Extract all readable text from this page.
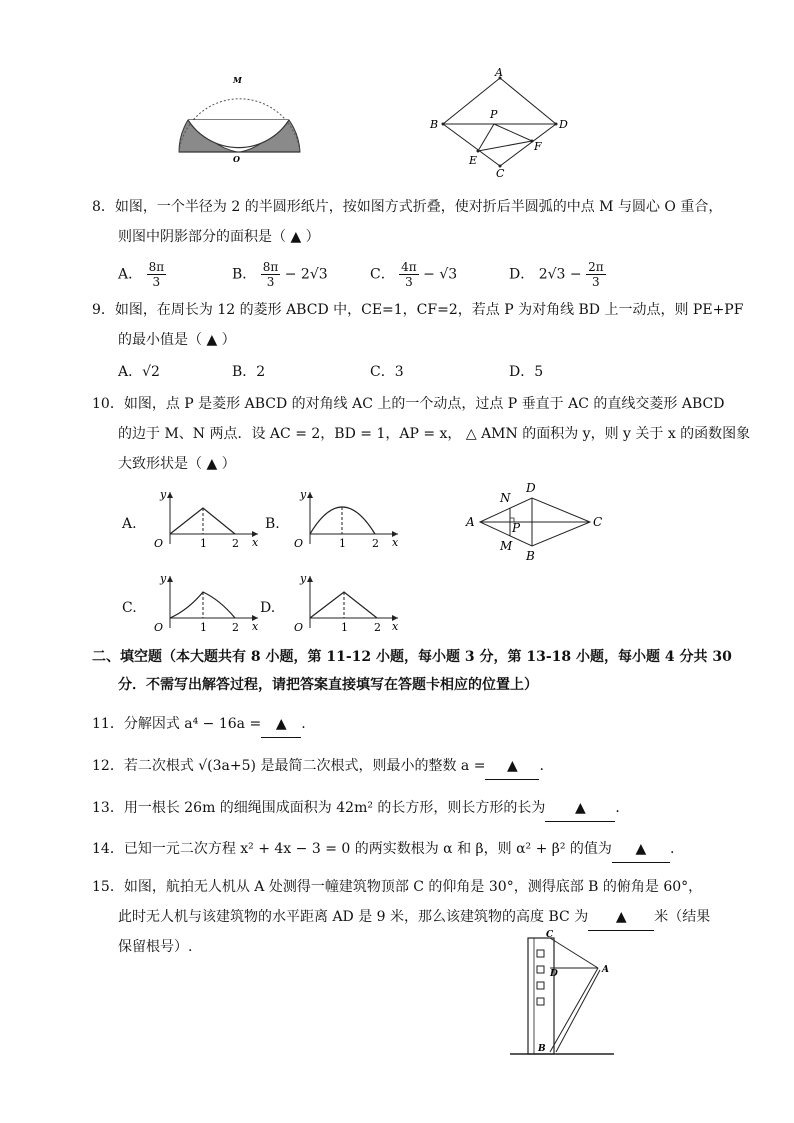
M
O
A
B
C
D
E
F
P
8．如图，一个半径为 2 的半圆形纸片，按如图方式折叠，使对折后半圆弧的中点 M 与圆心 O 重合，
则图中阴影部分的面积是（ ▲ ）
A． $\frac{8\pi}{3}$	B． $\frac{8\pi}{3} - 2√3$	C． $\frac{4\pi}{3} - √3$	D． $2√3 - \frac{2\pi}{3}$
9．如图，在周长为 12 的菱形 ABCD 中，CE=1，CF=2，若点 P 为对角线 BD 上一动点，则 PE+PF
的最小值是（ ▲ ）
A．√2	B．2	C．3	D．5
10．如图，点 P 是菱形 ABCD 的对角线 AC 上的一个动点，过点 P 垂直于 AC 的直线交菱形 ABCD
的边于 M、N 两点．设 AC = 2，BD = 1，AP = x， △ AMN 的面积为 y，则 y 关于 x 的函数图象
大致形状是（ ▲ ）
A.	B.
C.	D.
y
x
O	1 2
y
x
O	1 2
A	C
D
B
N
M
P
y
x
O	1 2
y
x
O	1 2
二、填空题（本大题共有 8 小题，第 11-12 小题，每小题 3 分，第 13-18 小题，每小题 4 分共 30
分．不需写出解答过程，请把答案直接填写在答题卡相应的位置上）
11．分解因式 a⁴ − 16a = ▲ .
12．若二次根式 √(3a+5) 是最简二次根式，则最小的整数 a = ▲ .
13．用一根长 26m 的细绳围成面积为 42m² 的长方形，则长方形的长为 ▲ ．
14．已知一元二次方程 x² + 4x − 3 = 0 的两实数根为 α 和 β，则 α² + β² 的值为 ▲ .
15．如图，航拍无人机从 A 处测得一幢建筑物顶部 C 的仰角是 30°，测得底部 B 的俯角是 60°，
此时无人机与该建筑物的水平距离 AD 是 9 米，那么该建筑物的高度 BC 为 ▲ 米（结果
保留根号）.
C
D	A
B
